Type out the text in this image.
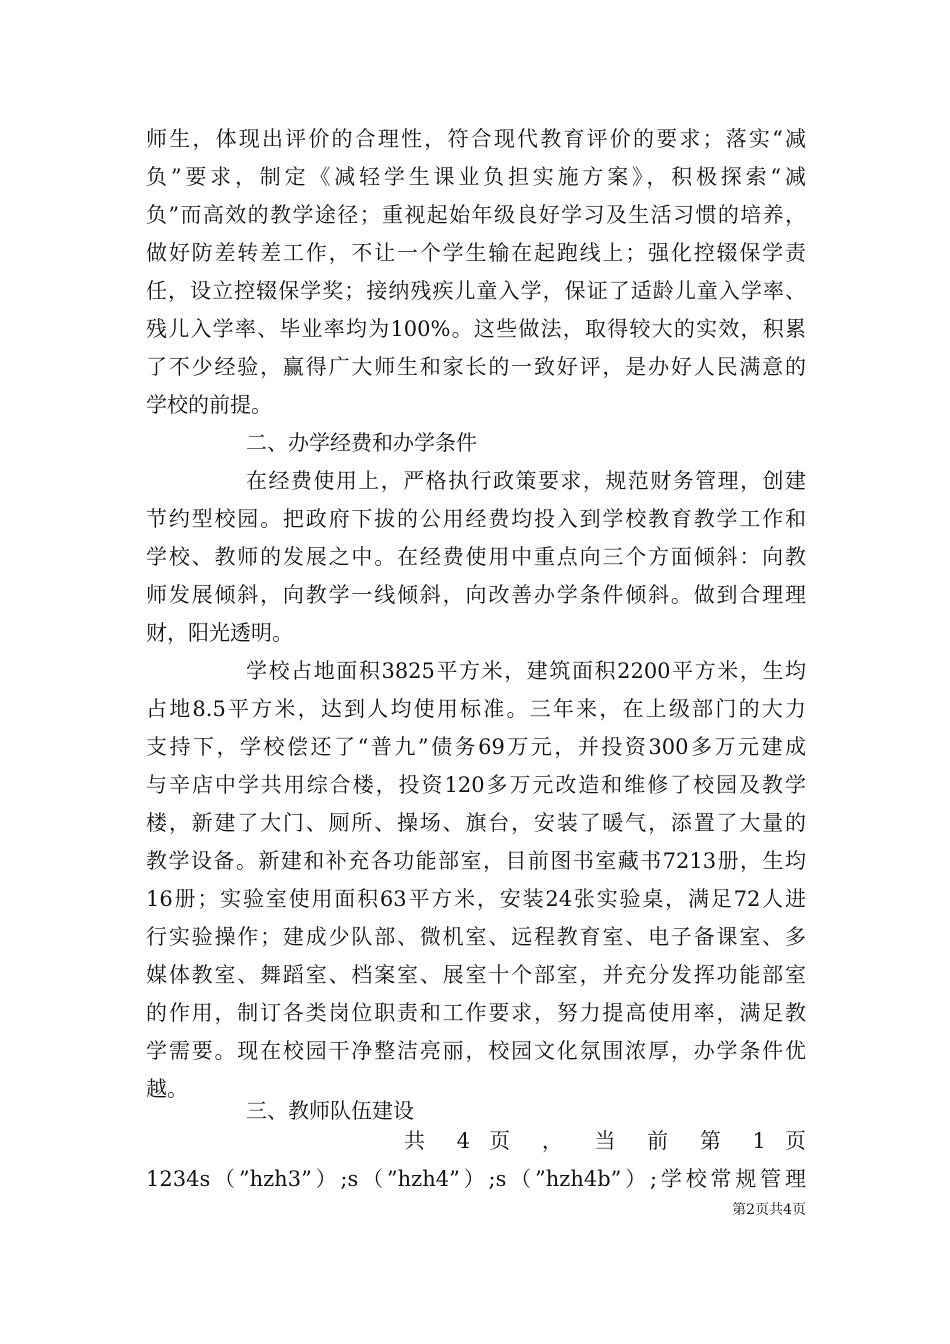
师生，体现出评价的合理性，符合现代教育评价的要求；落实“减
负”要求，制定《减轻学生课业负担实施方案》，积极探索“减
负”而高效的教学途径；重视起始年级良好学习及生活习惯的培养，
做好防差转差工作，不让一个学生输在起跑线上；强化控辍保学责
任，设立控辍保学奖；接纳残疾儿童入学，保证了适龄儿童入学率、
残儿入学率、毕业率均为100%。这些做法，取得较大的实效，积累
了不少经验，赢得广大师生和家长的一致好评，是办好人民满意的
学校的前提。
二、办学经费和办学条件
在经费使用上，严格执行政策要求，规范财务管理，创建
节约型校园。把政府下拔的公用经费均投入到学校教育教学工作和
学校、教师的发展之中。在经费使用中重点向三个方面倾斜：向教
师发展倾斜，向教学一线倾斜，向改善办学条件倾斜。做到合理理
财，阳光透明。
学校占地面积3825平方米，建筑面积2200平方米，生均
占地8.5平方米，达到人均使用标准。三年来，在上级部门的大力
支持下，学校偿还了“普九”债务69万元，并投资300多万元建成
与辛店中学共用综合楼，投资120多万元改造和维修了校园及教学
楼，新建了大门、厕所、操场、旗台，安装了暖气，添置了大量的
教学设备。新建和补充各功能部室，目前图书室藏书7213册，生均
16册；实验室使用面积63平方米，安装24张实验桌，满足72人进
行实验操作；建成少队部、微机室、远程教育室、电子备课室、多
媒体教室、舞蹈室、档案室、展室十个部室，并充分发挥功能部室
的作用，制订各类岗位职责和工作要求，努力提高使用率，满足教
学需要。现在校园干净整洁亮丽，校园文化氛围浓厚，办学条件优
越。
三、教师队伍建设
共 4 页 ， 当 前 第 1 页
1234s（”hzh3”）;s（”hzh4”）;s（”hzh4b”）;学校常规管理
第2页共4页
